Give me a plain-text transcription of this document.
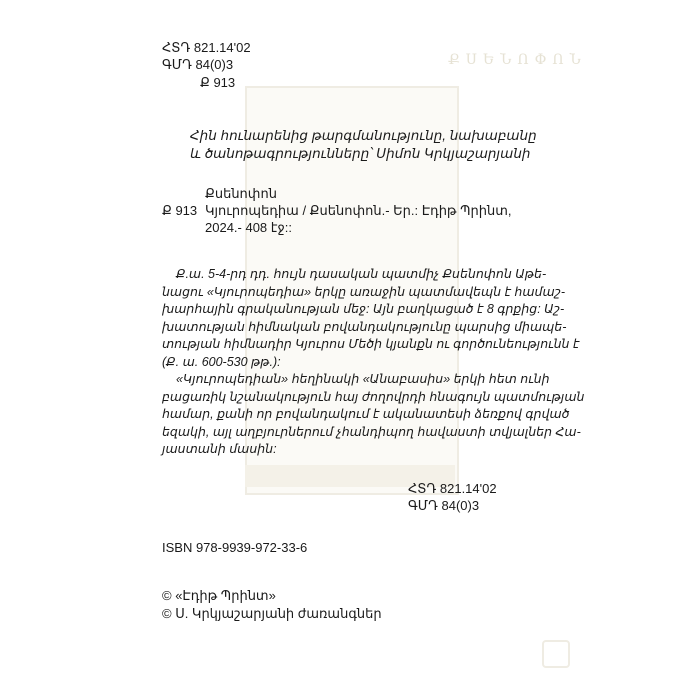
ՔՍԵՆՈՓՈՆ
ՀՏԴ 821.14'02
ԳՄԴ 84(0)3
Ք 913
Հին հունարենից թարգմանությունը, նախաբանը
և ծանոթագրությունները՝ Սիմոն Կրկյաշարյանի
Քսենոփոն
Ք 913 Կյուրոպեդիա / Քսենոփոն.- Եր.: Էդիթ Պրինտ,
2024.- 408 էջ::

Ք.ա. 5-4-րդ դդ. հույն դասական պատմիչ Քսենոփոն Աթե-

նացու «Կյուրոպեդիա» երկը առաջին պատմավեպն է համաշ-

խարհային գրականության մեջ: Այն բաղկացած է 8 գրքից: Աշ-

խատության հիմնական բովանդակությունը պարսից միապե-

տության հիմնադիր Կյուրոս Մեծի կյանքն ու գործունեությունն է

(Ք. ա. 600-530 թթ.):

«Կյուրոպեդիան» հեղինակի «Անաբասիս» երկի հետ ունի

բացառիկ նշանակություն հայ ժողովրդի հնագույն պատմության

համար, քանի որ բովանդակում է ականատեսի ձեռքով գրված

եզակի, այլ աղբյուրներում չհանդիպող հավաստի տվյալներ Հա-

յաստանի մասին:

ՀՏԴ 821.14'02
ԳՄԴ 84(0)3
ISBN 978-9939-972-33-6
© «Էդիթ Պրինտ»
© Ս. Կրկյաշարյանի ժառանգներ
